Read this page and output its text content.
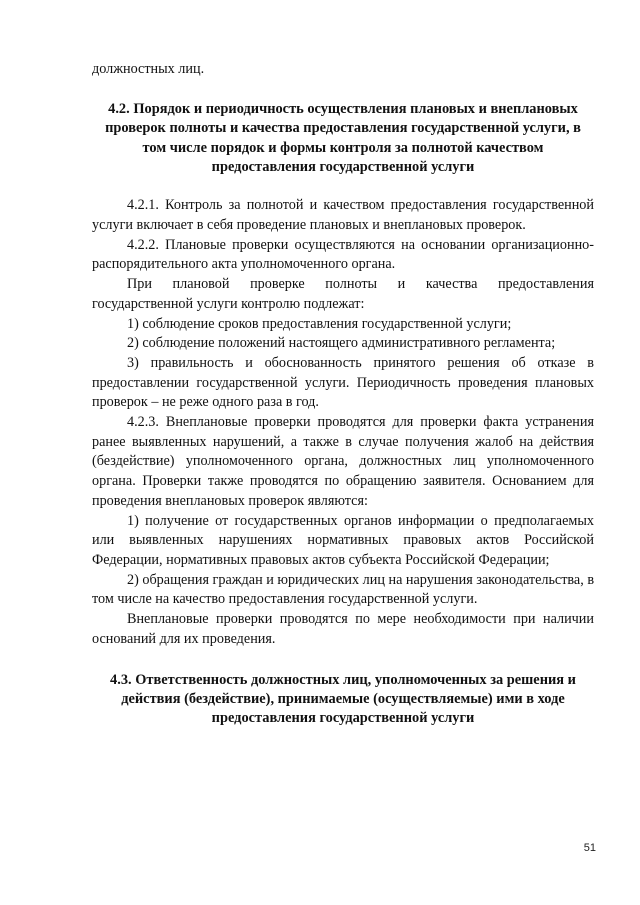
должностных лиц.

4.2. Порядок и периодичность осуществления плановых и внеплановых проверок полноты и качества предоставления государственной услуги, в том числе порядок и формы контроля за полнотой качеством предоставления государственной услуги

4.2.1. Контроль за полнотой и качеством предоставления государственной услуги включает в себя проведение плановых и внеплановых проверок.

4.2.2. Плановые проверки осуществляются на основании организационно-распорядительного акта уполномоченного органа.

При плановой проверке полноты и качества предоставления государственной услуги контролю подлежат:

1) соблюдение сроков предоставления государственной услуги;

2) соблюдение положений настоящего административного регламента;

3) правильность и обоснованность принятого решения об отказе в предоставлении государственной услуги. Периодичность проведения плановых проверок – не реже одного раза в год.

4.2.3. Внеплановые проверки проводятся для проверки факта устранения ранее выявленных нарушений, а также в случае получения жалоб на действия (бездействие) уполномоченного органа, должностных лиц уполномоченного органа. Проверки также проводятся по обращению заявителя. Основанием для проведения внеплановых проверок являются:

1) получение от государственных органов информации о предполагаемых или выявленных нарушениях нормативных правовых актов Российской Федерации, нормативных правовых актов субъекта Российской Федерации;

2) обращения граждан и юридических лиц на нарушения законодательства, в том числе на качество предоставления государственной услуги.

Внеплановые проверки проводятся по мере необходимости при наличии оснований для их проведения.

4.3. Ответственность должностных лиц, уполномоченных за решения и действия (бездействие), принимаемые (осуществляемые) ими в ходе предоставления государственной услуги
51
